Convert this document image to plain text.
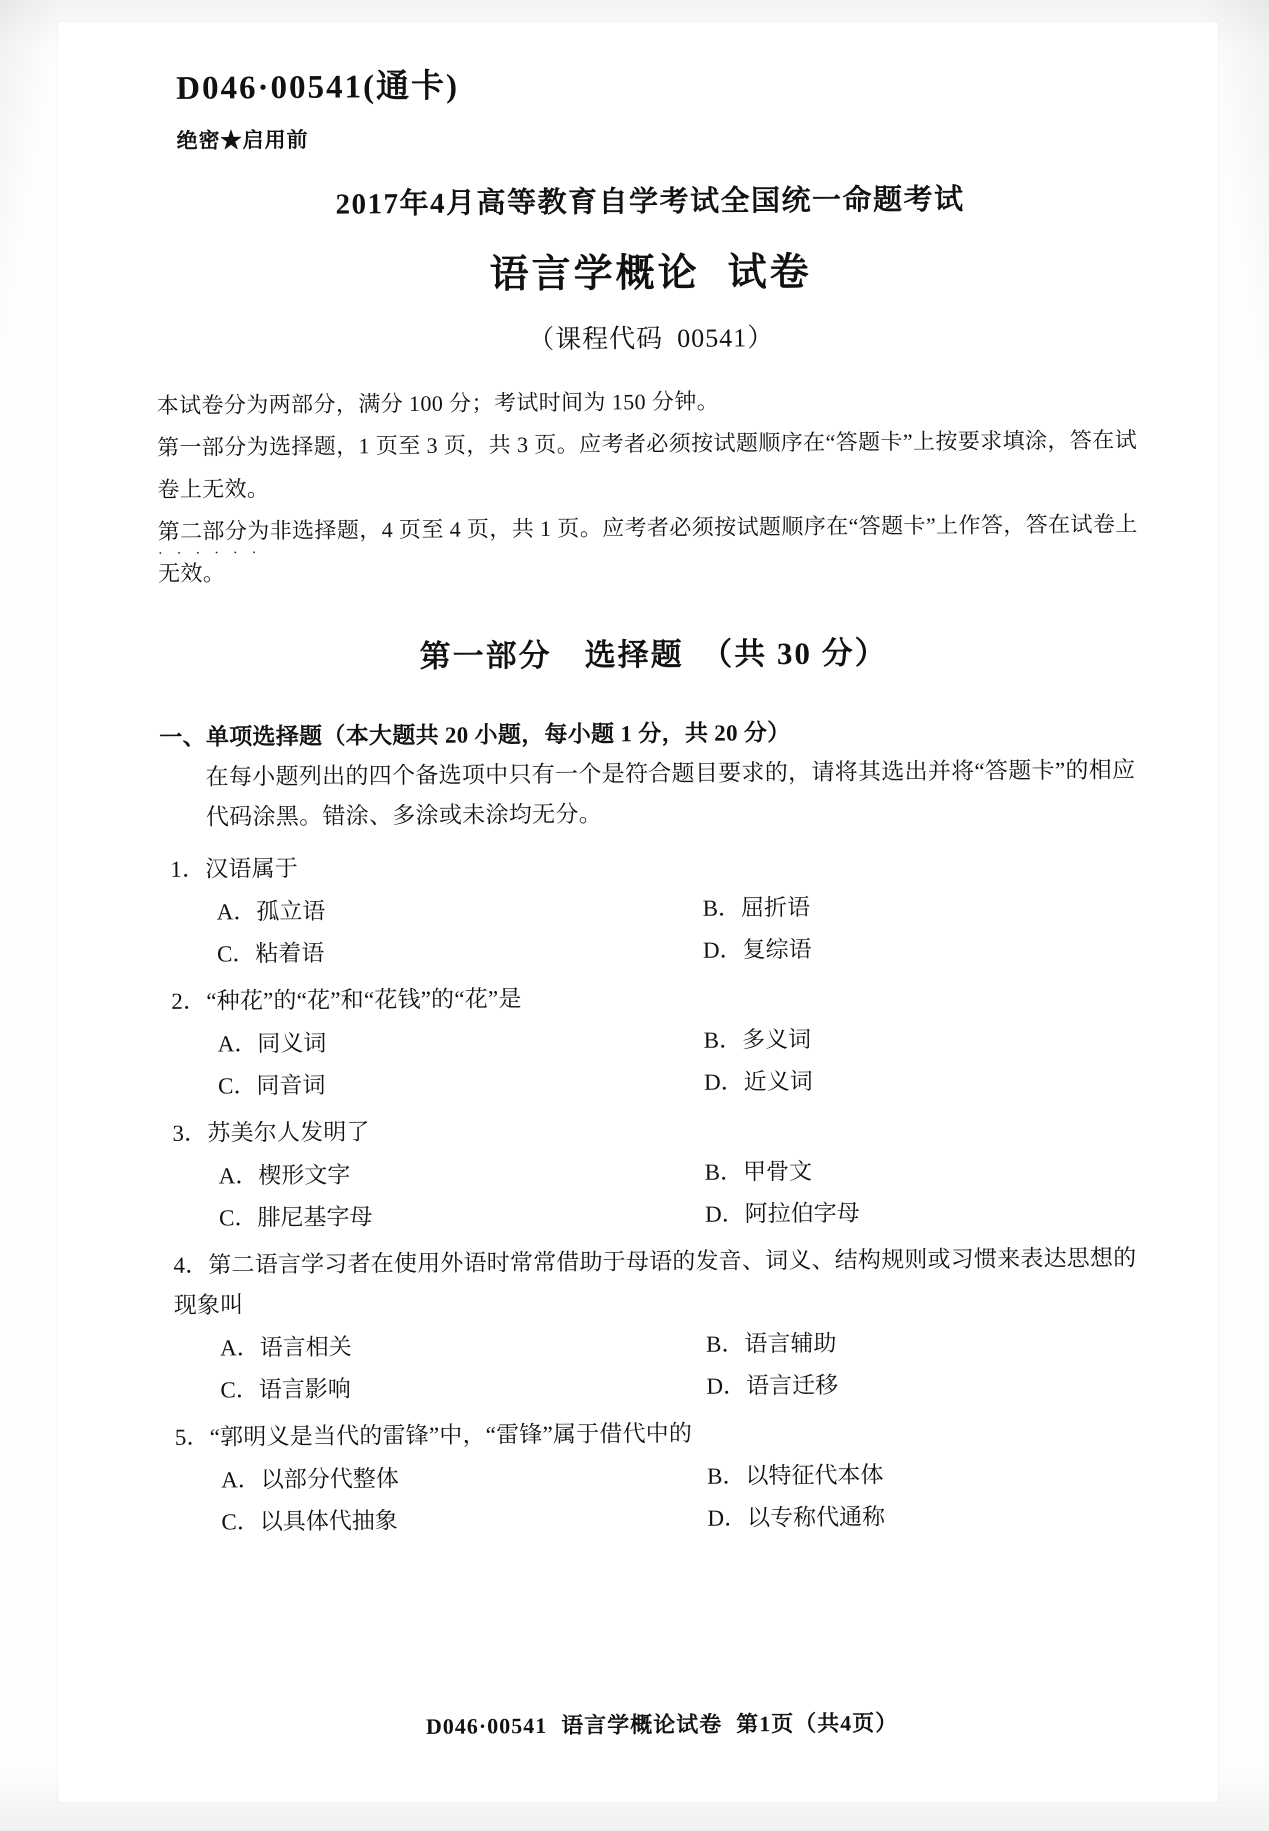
D046·00541(通卡)
绝密★启用前
2017年4月高等教育自学考试全国统一命题考试
语言学概论 试卷
（课程代码 00541）

本试卷分为两部分，满分 100 分；考试时间为 150 分钟。

第一部分为选择题，1 页至 3 页，共 3 页。应考者必须按试题顺序在“答题卡”上按要求填涂，答在试卷上无效。

第二部分为非选择题，4 页至 4 页，共 1 页。应考者必须按试题顺序在“答题卡”上作答，答在试卷上无效。 · · ·

第一部分　选择题　（共 30 分）
一、单项选择题（本大题共 20 小题，每小题 1 分，共 20 分）
在每小题列出的四个备选项中只有一个是符合题目要求的，请将其选出并将“答题卡”的相应代码涂黑。错涂、多涂或未涂均无分。
1．汉语属于
A．孤立语	B．屈折语
C．粘着语	D．复综语
2．“种花”的“花”和“花钱”的“花”是
A．同义词	B．多义词
C．同音词	D．近义词
3．苏美尔人发明了
A．楔形文字	B．甲骨文
C．腓尼基字母	D．阿拉伯字母
4．第二语言学习者在使用外语时常常借助于母语的发音、词义、结构规则或习惯来表达思想的现象叫
A．语言相关	B．语言辅助
C．语言影响	D．语言迁移
5．“郭明义是当代的雷锋”中，“雷锋”属于借代中的
A．以部分代整体	B．以特征代本体
C．以具体代抽象	D．以专称代通称
D046·00541 语言学概论试卷 第1页（共4页）
